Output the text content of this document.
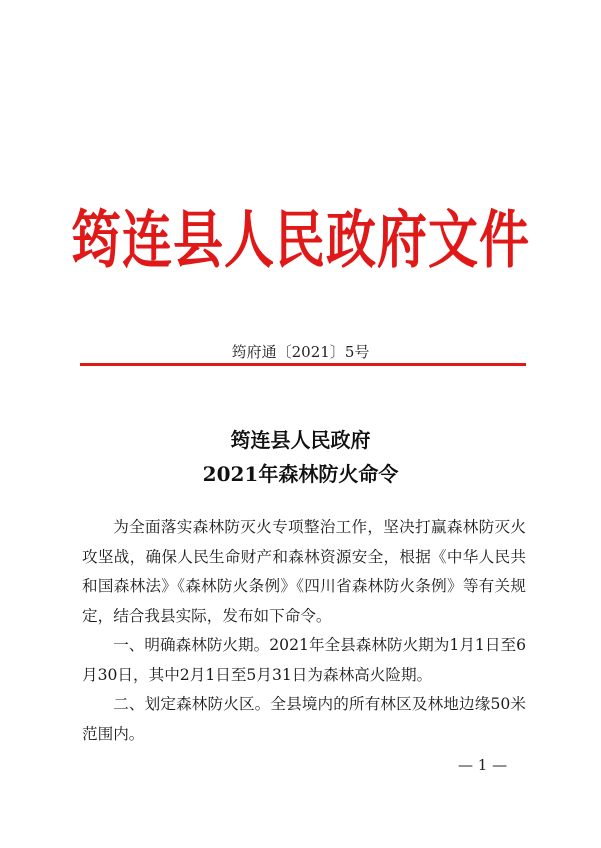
筠连县人民政府文件
筠府通〔2021〕5号
筠连县人民政府
2021年森林防火命令

为全面落实森林防灭火专项整治工作，坚决打赢森林防灭火攻坚战，确保人民生命财产和森林资源安全，根据《中华人民共和国森林法》《森林防火条例》《四川省森林防火条例》等有关规定，结合我县实际，发布如下命令。

一、明确森林防火期。2021年全县森林防火期为1月1日至6月30日，其中2月1日至5月31日为森林高火险期。

二、划定森林防火区。全县境内的所有林区及林地边缘50米范围内。

— 1 —
